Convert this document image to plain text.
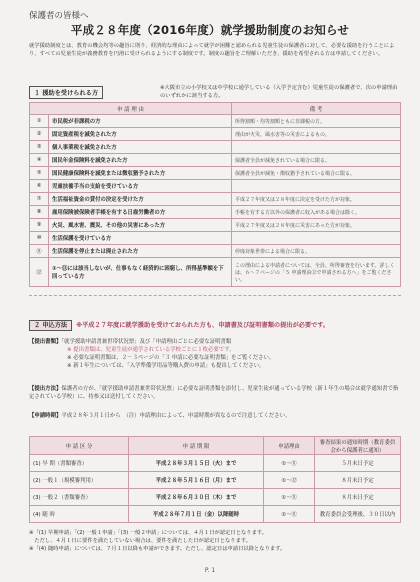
保護者の皆様へ
平成２８年度（2016年度）就学援助制度のお知らせ
就学援助制度とは、教育の機会均等の趣旨に則り、経済的な理由によって就学が困難と認められる児童生徒の保護者に対して、必要な援助を行うことにより、すべての児童生徒が義務教育を円滑に受けられるようにする制度です。制度の趣旨をご理解いただき、援助を希望される方は申請してください。
１ 援助を受けられる方
※大阪市立の小学校又は中学校に通学している（入学予定含む）児童生徒の保護者で、次の申請理由のいずれかに該当する方。
申 請 理 由		備 考
①	市民税が非課税の方	所得割額・均等割額ともに非課税の方。
②	固定資産税を減免された方	理由が火災、風水害等の災害によるもの。
③	個人事業税を減免された方	
④	国民年金保険料を減免された方	保護者全員が減免されている場合に限る。
⑤	国民健康保険料を減免または徴収猶予された方	保護者全員が減免・徴収猶予されている場合に限る。
⑥	児童扶養手当の支給を受けている方	
⑦	生活福祉資金の貸付の決定を受けた方	平成２７年度又は２８年度に決定を受けた方が対象。
⑧	雇用保険被保険者手帳を有する日雇労働者の方	手帳を有する方以外の保護者に収入がある場合は除く。
⑨	火災、風水害、震災、その他の災害にあった方	平成２７年度又は２８年度に災害にあった方が対象。
⑩	生活保護を受けている方	
⑪	生活保護を停止または廃止された方	停廃対象世帯による場合に限る。
⑫	①～⑪には該当しないが、仕事もなく経済的に困窮し、所得基準額を下回っている方	この理由による申請者については、全員、所得審査を行います。詳しくは、６～７ページの「５ 申請理由⑫で申請される方へ」をご覧ください。
２ 申込方法 ※平成２７年度に就学援助を受けておられた方も、申請書及び証明書類の提出が必要です。
【提出書類】「就学援助申請書兼世帯状況票」及び「申請理由ごとに必要な証明書類
※ 提出書類は、児童生徒が通学されている学校ごとに１枚必要です。
※ 必要な証明書類は、２－３ページの「３ 申請に必要な証明書類」をご覧ください。
※ 新１年生については、「入学準備学用品等購入費の申請」も提出してください。
【提出方法】保護者の方が、「就学援助申請書兼世帯状況票」に必要な証明書類を添付し、児童生徒が通っている学校（新１年生の場合は就学通知書で指定されている学校）に、持参又は送付してください。
【申請時期】平成２８年３月１日から　（注）申請理由によって、申請時期が異なるので注意してください。
申 請 区 分	申 請 期 限	申請理由	審査結果の通知時期（教育委員会から保護者に通知）
(1) 早 期（書類審査）	平成２８年３月１５日（火）まで	①～⑪	５月末日予定
(2) 一般１（規模審判用）	平成２８年５月１６日（月）まで	①～⑫	８月末日予定
(3) 一般２（書類審査）	平成２８年６月３０日（木）まで	①～⑪	８月末日予定
(4) 随 時	平成２８年７月１日（金）以降随時	①～⑪	教育委員会受理後、３０日以内
※「(1) 早期申請」「(2) 一般１申請」「(3) 一般２申請」については、４月１日が認定日となります。
　ただし、４月１日に要件を満たしていない場合は、要件を満たした日が認定日となります。
※「(4) 随時申請」については、７月１日以降も申請ができます。ただし、認定日は申請日以降となります。
P. 1
